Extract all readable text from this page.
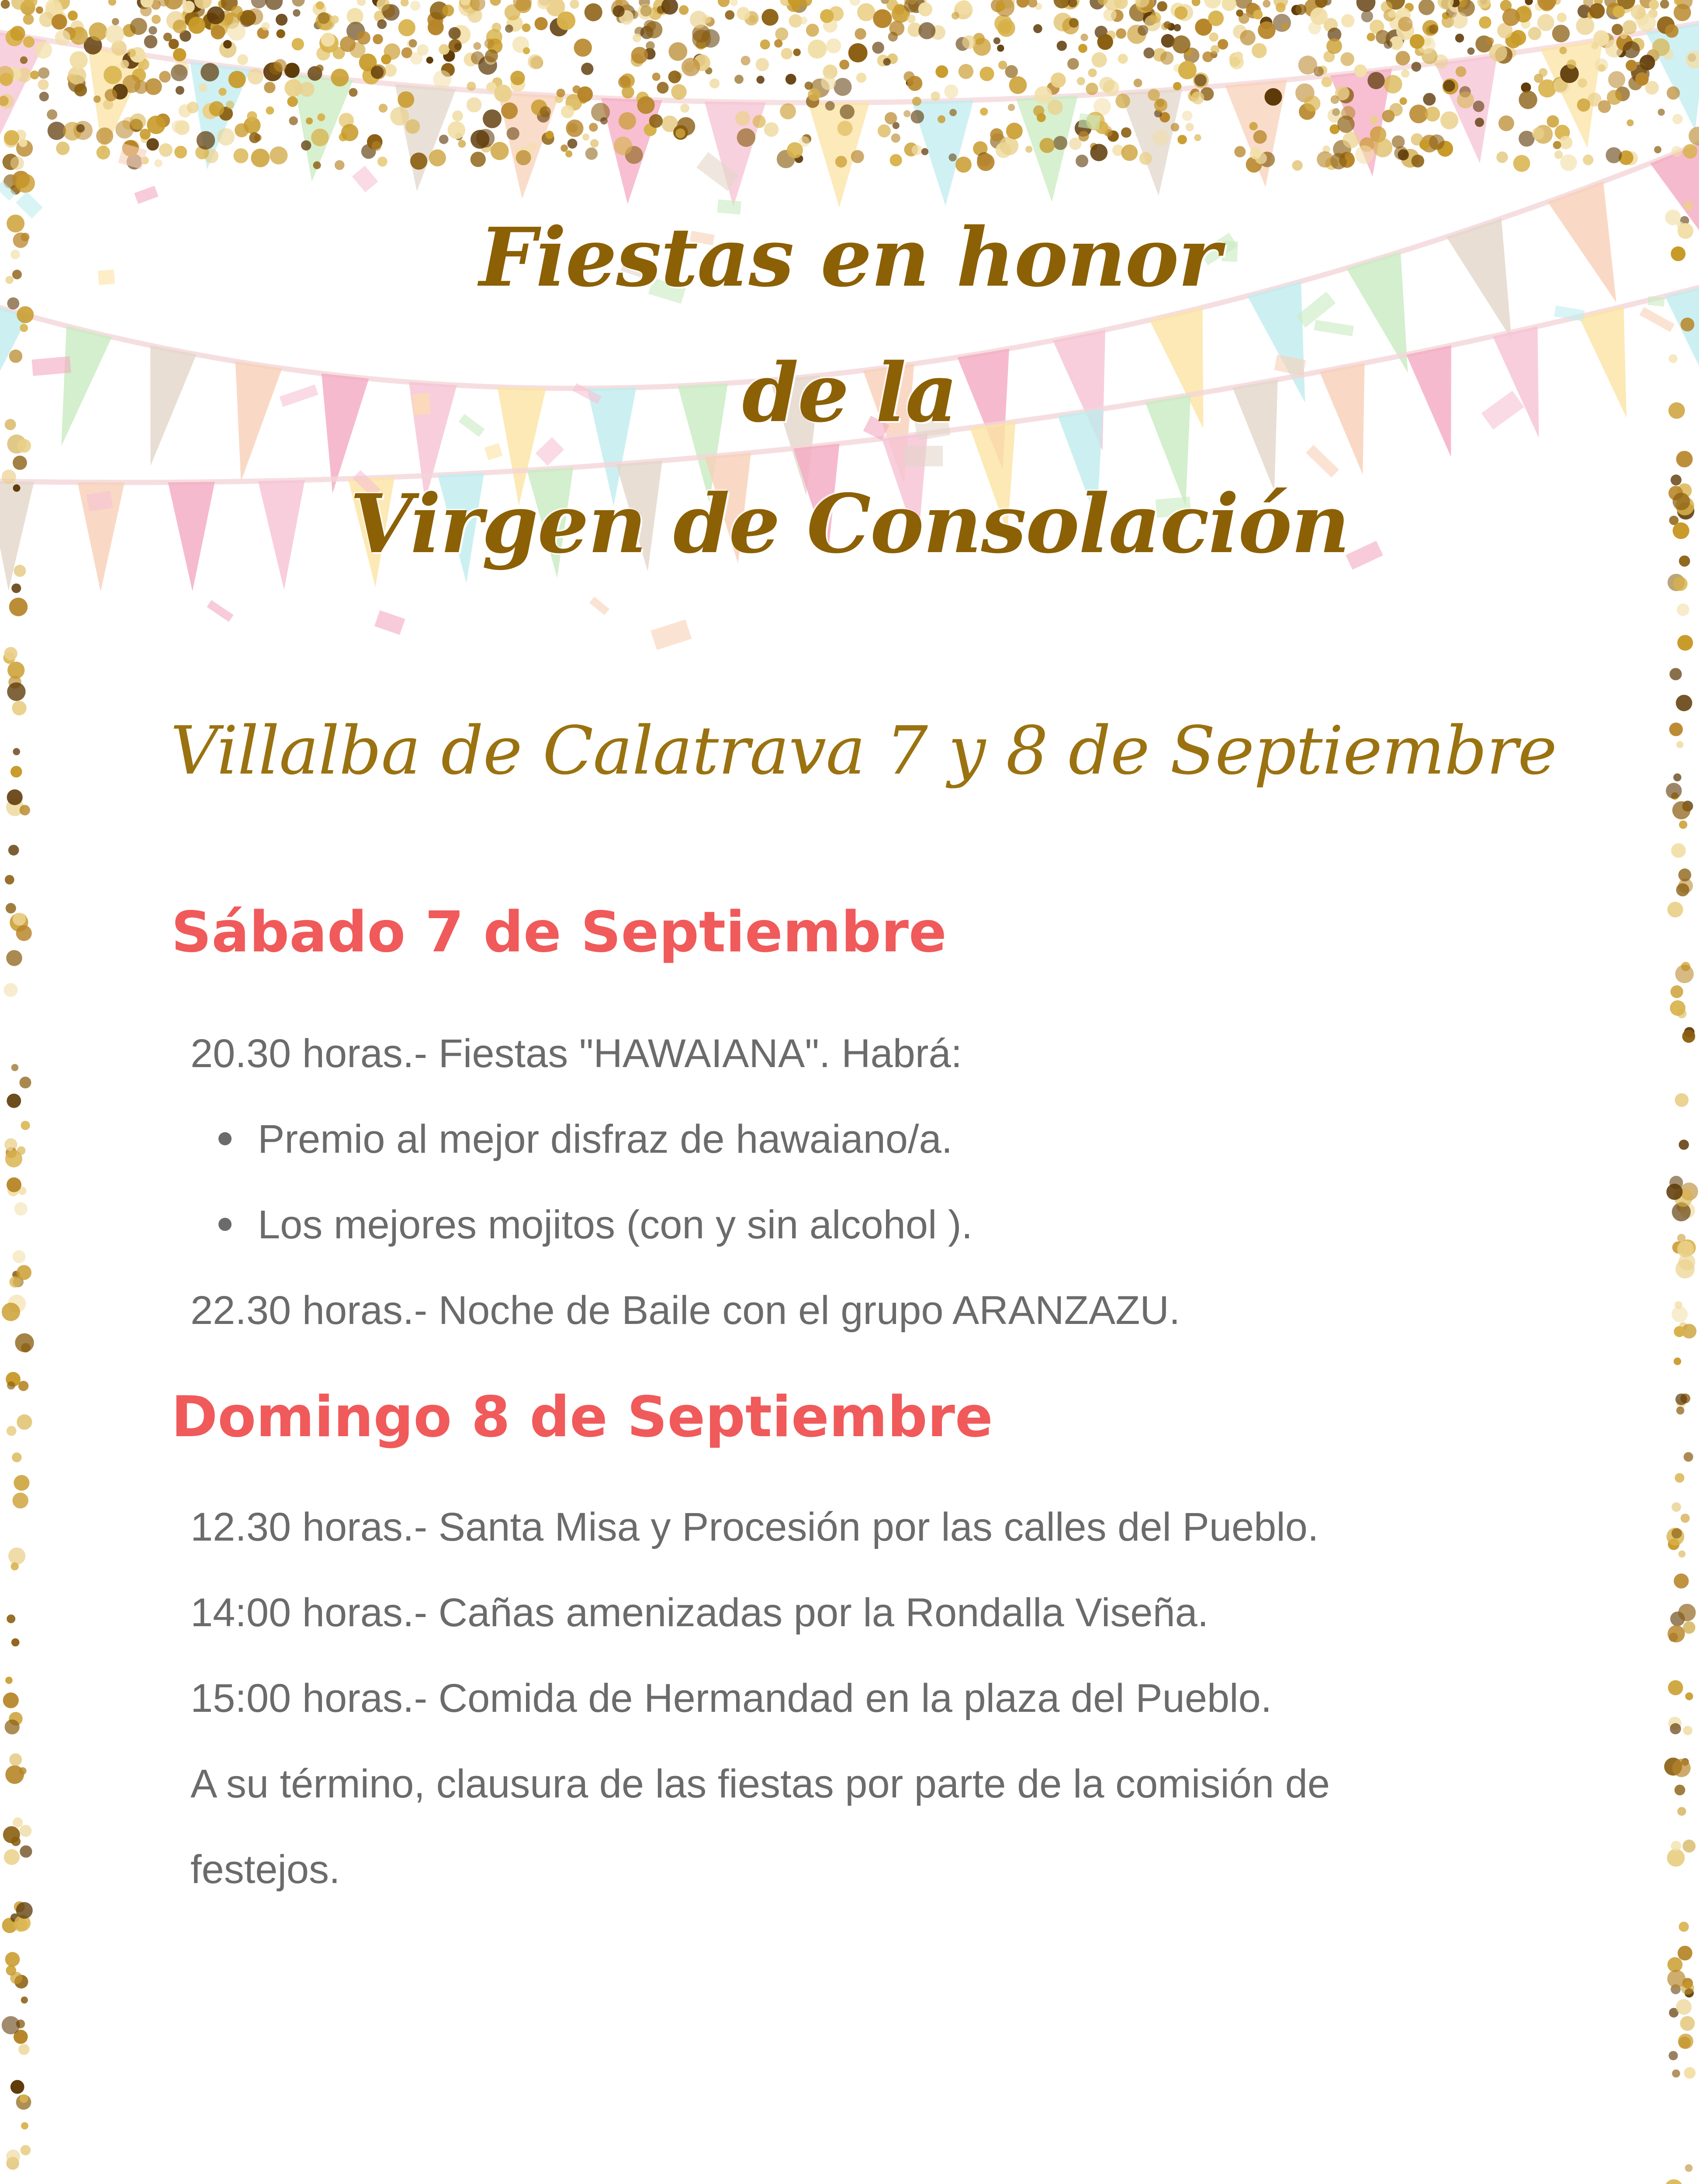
Fiestas en honor
de la
Virgen de Consolación
Villalba de Calatrava 7 y 8 de Septiembre
Sábado 7 de Septiembre
20.30 horas.- Fiestas "HAWAIANA". Habrá:
Premio al mejor disfraz de hawaiano/a.
Los mejores mojitos (con y sin alcohol ).
22.30 horas.- Noche de Baile con el grupo ARANZAZU.
Domingo 8 de Septiembre
12.30 horas.- Santa Misa y Procesión por las calles del Pueblo.
14:00 horas.- Cañas amenizadas por la Rondalla Viseña.
15:00 horas.- Comida de Hermandad en la plaza del Pueblo.
A su término, clausura de las fiestas por parte de la comisión de
festejos.
